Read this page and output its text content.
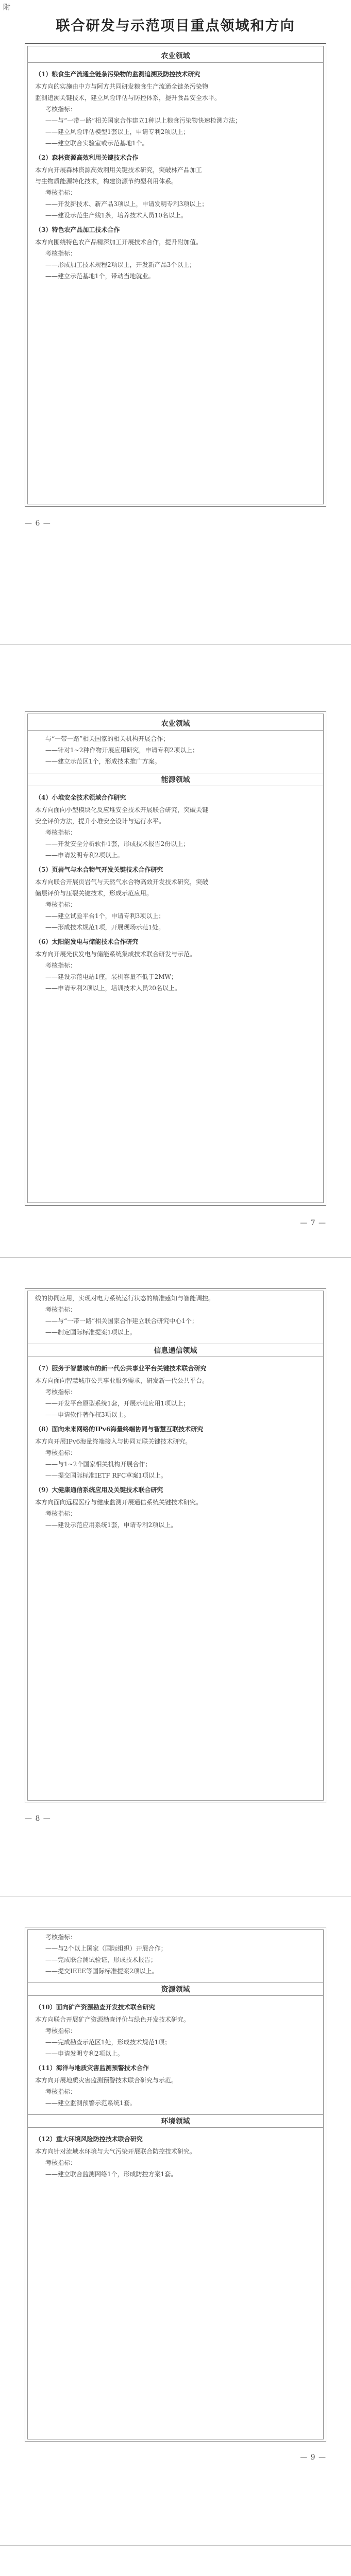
附
联合研发与示范项目重点领域和方向
农业领域
（1）粮食生产流通全链条污染物的监测追溯及防控技术研究
本方向的实施由中方与阿方共同研发粮食生产流通全链条污染物
监测追溯关键技术，建立风险评估与防控体系，提升食品安全水平。
考核指标：
——与“一带一路”相关国家合作建立1种以上粮食污染物快速检测方法；
——建立风险评估模型1套以上，申请专利2项以上；
——建立联合实验室或示范基地1个。
（2）森林资源高效利用关键技术合作
本方向开展森林资源高效利用关键技术研究，突破林产品加工
与生物质能源转化技术，构建资源节约型利用体系。
考核指标：
——开发新技术、新产品3项以上，申请发明专利3项以上；
——建设示范生产线1条，培养技术人员10名以上。
（3）特色农产品加工技术合作
本方向围绕特色农产品精深加工开展技术合作，提升附加值。
考核指标：
——形成加工技术规程2项以上，开发新产品3个以上；
——建立示范基地1个，带动当地就业。
— 6 —
农业领域
与“一带一路”相关国家的相关机构开展合作；
——针对1~2种作物开展应用研究，申请专利2项以上；
——建立示范区1个，形成技术推广方案。
能源领域
（4）小堆安全技术领域合作研究
本方向面向小型模块化反应堆安全技术开展联合研究，突破关键
安全评价方法，提升小堆安全设计与运行水平。
考核指标：
——开发安全分析软件1套，形成技术报告2份以上；
——申请发明专利2项以上。
（5）页岩气与水合物气开发关键技术合作研究
本方向联合开展页岩气与天然气水合物高效开发技术研究，突破
储层评价与压裂关键技术，形成示范应用。
考核指标：
——建立试验平台1个，申请专利3项以上；
——形成技术规范1项，开展现场示范1处。
（6）太阳能发电与储能技术合作研究
本方向开展光伏发电与储能系统集成技术联合研发与示范。
考核指标：
——建设示范电站1座，装机容量不低于2MW；
——申请专利2项以上，培训技术人员20名以上。
— 7 —
线的协同应用，实现对电力系统运行状态的精准感知与智能调控。
考核指标：
——与“一带一路”相关国家合作建立联合研究中心1个；
——制定国际标准提案1项以上。
信息通信领域
（7）服务于智慧城市的新一代公共事业平台关键技术联合研究
本方向面向智慧城市公共事业服务需求，研发新一代公共平台。
考核指标：
——开发平台原型系统1套，开展示范应用1项以上；
——申请软件著作权3项以上。
（8）面向未来网络的IPv6海量终端协同与智慧互联技术研究
本方向开展IPv6海量终端接入与协同互联关键技术研究。
考核指标：
——与1~2个国家相关机构开展合作；
——提交国际标准IETF RFC草案1项以上。
（9）大健康通信系统应用及关键技术联合研究
本方向面向远程医疗与健康监测开展通信系统关键技术研究。
考核指标：
——建设示范应用系统1套，申请专利2项以上。
— 8 —
考核指标：
——与2个以上国家（国际组织）开展合作；
——完成联合测试验证，形成技术报告；
——提交IEEE等国际标准提案2项以上。
资源领域
（10）面向矿产资源勘查开发技术联合研究
本方向联合开展矿产资源勘查评价与绿色开发技术研究。
考核指标：
——完成勘查示范区1处，形成技术规范1项；
——申请发明专利2项以上。
（11）海洋与地质灾害监测预警技术合作
本方向开展地质灾害监测预警技术联合研究与示范。
考核指标：
——建立监测预警示范系统1套。
环境领域
（12）重大环境风险防控技术联合研究
本方向针对流域水环境与大气污染开展联合防控技术研究。
考核指标：
——建立联合监测网络1个，形成防控方案1套。
— 9 —
